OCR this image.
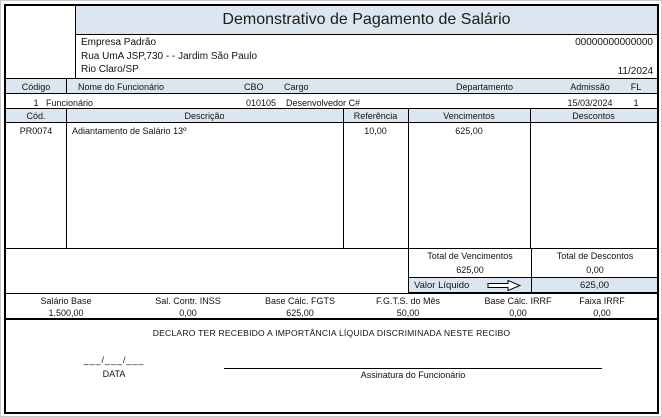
Demonstrativo de Pagamento de Salário
Empresa Padrão
Rua UmA JSP,730 - - Jardim São Paulo
Rio Claro/SP
00000000000000
11/2024
Código	Nome do Funcionário	CBO Cargo	Departamento	Admissão	FL
1 Funcionário	010105 Desenvolvedor C#	15/03/2024	1
Cód.	Descrição	Referência	Vencimentos	Descontos
PR0074	Adiantamento de Salário 13º	10,00	625,00
Total de Vencimentos
625,00
Total de Descontos
0,00
Valor Líquido	625,00
Salário Base
1.500,00
Sal. Contr. INSS
0,00
Base Cálc. FGTS
625,00
F.G.T.S. do Mês
50,00
Base Cálc. IRRF
0,00
Faixa IRRF
0,00
DECLARO TER RECEBIDO A IMPORTÂNCIA LÍQUIDA DISCRIMINADA NESTE RECIBO
___/___/___
DATA	Assinatura do Funcionário
